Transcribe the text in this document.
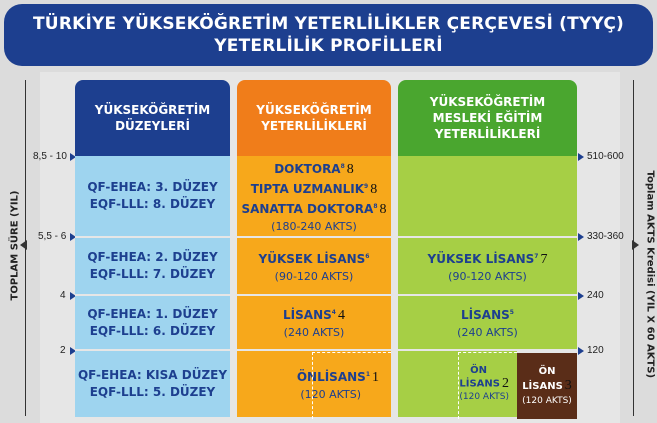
TÜRKİYE YÜKSEKÖĞRETİM YETERLİLİKLER ÇERÇEVESİ (TYYÇ)
YETERLİLİK PROFİLLERİ
TOPLAM SÜRE (YIL)	Toplam AKTS Kredisi (YIL X 60 AKTS)
8,5 - 10
5,5 - 6
4
2
510-600
330-360
240
120
YÜKSEKÖĞRETİM
DÜZEYLERİ
YÜKSEKÖĞRETİM
YETERLİLİKLERİ
YÜKSEKÖĞRETİM
MESLEKİ EĞİTİM
YETERLİLİKLERİ
QF-EHEA: 3. DÜZEY
EQF-LLL: 8. DÜZEY
QF-EHEA: 2. DÜZEY
EQF-LLL: 7. DÜZEY
QF-EHEA: 1. DÜZEY
EQF-LLL: 6. DÜZEY
QF-EHEA: KISA DÜZEY
EQF-LLL: 5. DÜZEY
DOKTORA$^8$ 8
TIPTA UZMANLIK$^9$ 8
SANATTA DOKTORA$^8$ 8
(180-240 AKTS)
YÜKSEK LİSANS$^6$
(90-120 AKTS)
LİSANS$^4$ 4
(240 AKTS)
ÖNLİSANS$^1$ 1
(120 AKTS)
YÜKSEK LİSANS$^7$ 7
(90-120 AKTS)
LİSANS$^5$
(240 AKTS)
ÖN
LİSANS 2
(120 AKTS)
ÖN
LİSANS 3
(120 AKTS)
